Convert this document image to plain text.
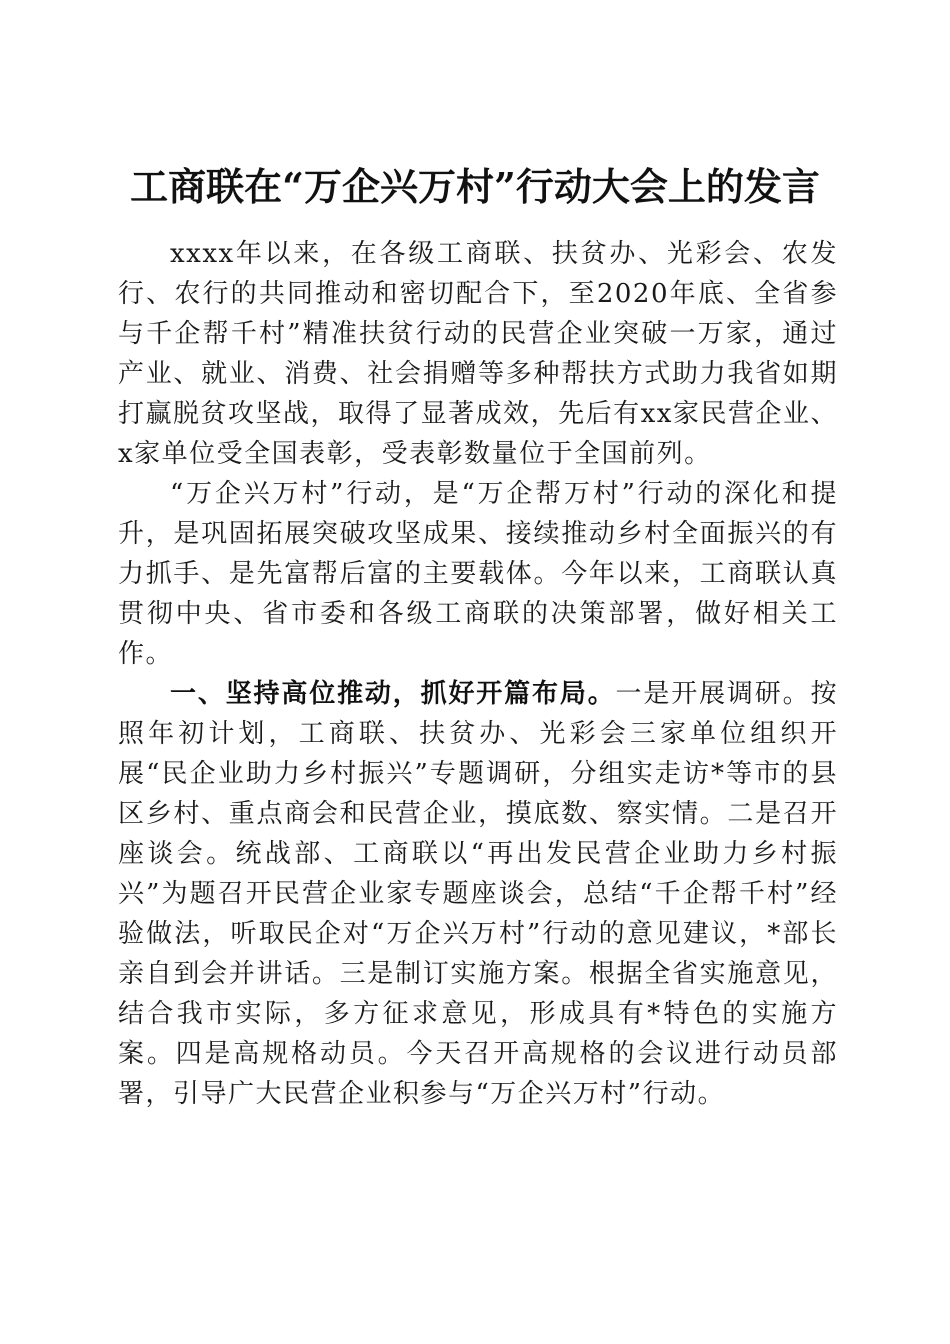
工商联在“万企兴万村”行动大会上的发言

xxxx年以来，在各级工商联、扶贫办、光彩会、农发行、农行的共同推动和密切配合下，至2020年底、全省参与千企帮千村”精准扶贫行动的民营企业突破一万家，通过产业、就业、消费、社会捐赠等多种帮扶方式助力我省如期打赢脱贫攻坚战，取得了显著成效，先后有xx家民营企业、x家单位受全国表彰，受表彰数量位于全国前列。

“万企兴万村”行动，是“万企帮万村”行动的深化和提升，是巩固拓展突破攻坚成果、接续推动乡村全面振兴的有力抓手、是先富帮后富的主要载体。今年以来，工商联认真贯彻中央、省市委和各级工商联的决策部署，做好相关工作。

一、坚持高位推动，抓好开篇布局。一是开展调研。按照年初计划，工商联、扶贫办、光彩会三家单位组织开展“民企业助力乡村振兴”专题调研，分组实走访*等市的县区乡村、重点商会和民营企业，摸底数、察实情。二是召开座谈会。统战部、工商联以“再出发民营企业助力乡村振兴”为题召开民营企业家专题座谈会，总结“千企帮千村”经验做法，听取民企对“万企兴万村”行动的意见建议，*部长亲自到会并讲话。三是制订实施方案。根据全省实施意见，结合我市实际，多方征求意见，形成具有*特色的实施方案。四是高规格动员。今天召开高规格的会议进行动员部署，引导广大民营企业积参与“万企兴万村”行动。
